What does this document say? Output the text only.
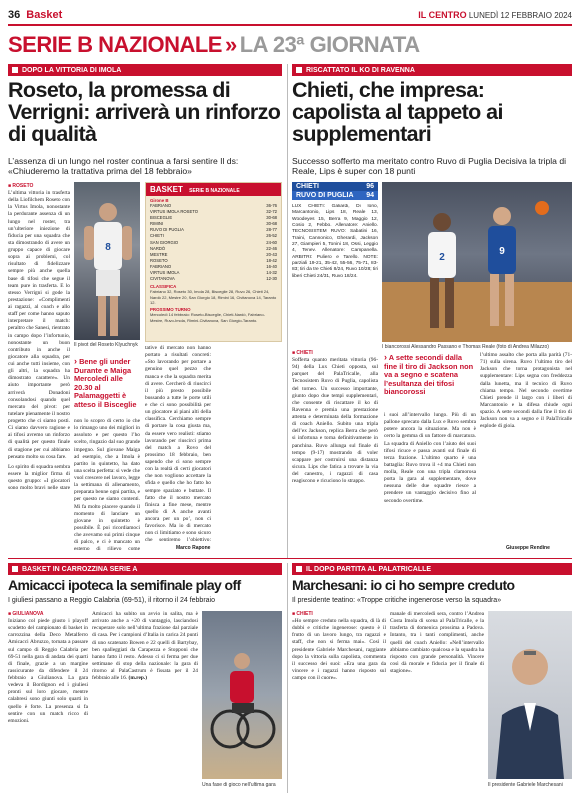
36 Basket	IL CENTRO LUNEDÌ 12 FEBBRAIO 2024
SERIE B NAZIONALE » LA 23ª GIORNATA
DOPO LA VITTORIA DI IMOLA
Roseto, la promessa di Verrigni: arriverà un rinforzo di qualità
L’assenza di un lungo nel roster continua a farsi sentire Il ds: «Chiuderemo la trattativa prima del 18 febbraio»
■ ROSETO

L’ultima vittoria in trasferta della Liofilchem Roseto con la Virtus Imola, nonostante la perdurante assenza di un lungo nel roster, tra un’ulteriore iniezione di fiducia per una squadra che sta dimostrando di avere un gruppo capace di giocare sopra ai problemi, col risultato di fidelizzare sempre più anche quella base di tifosi che segue il team pure in trasferta. E lo stesso Verrigni si gode la prestazione: «Complimenti ai ragazzi, al coach e allo staff per come hanno saputo interpretare il match: peraltro che Sanesi, rientrato in campo dopo l’infortunio, nonostante un buon contributo in anche il giocatore alla squadra, per cui anche tutti insieme, con gli altri, la squadra ha dimostrato carattere». Un aiuto importante però arriverà Donadoni consolandosi quando quel mercato del pivot: per tutelare pienamente il nostro progetto che ci siamo posti. Ci siamo davvero ragione e ai tifosi avremo un rinforzo di qualità per questo finale di stagione per cui abbiamo pensato molto su cosa fare.

Lo spirito di squadra sembra essere la miglior firma di questo gruppo: «I giocatori sono molto bravi nelle stare

8
Il pivot del Roseto Klyuchnyk
› Bene gli under Durante e Maiga Mercoledì alle 20.30 al Palamaggetti è atteso il Bisceglie
non lo scopro di certo io che lo rimango uno dei migliori in assoluto e per questo l’ho scelto, ringazio dal suo grande impegno. Sul giovane Maiga ad esempio, che a Imola è partito in quintetto, ha dato una scelta perfetta: si vede che vuol crescere nel lavoro, legge la settimana di allenamento, preparata benne ogni partita, e per questo ne siamo contenti. Mi fa molto piacere quando il momento di lanciare un giovane in quintetto è possibile. È poi ricordiamoci che avevamo sui primi cinque di palco, e ci è mancato un esterno di rilievo come
tative di mercato non hanno portato a risultati concreti: «Sto lavorando per portare a genuino quel pezzo che manca e che la squadra merita di avere. Cercherò di riuscirci il più presto possibile bussando a tutte le porte utili e che ci sono possibilità per un giocatore ai piani alti della classifica. Cerchiamo sempre di portare la cosa giusta ma, da essere vero realisti: stiamo lavorando per riuscirci prima del match a Rovo del prossimo 18 febbraio, ben sapendo che ci sono sempre con la realtà di certi giocatori che non vogliono accettare la sfida e quello che ho fatto ho sempre spaziato e buttate. Il fatto che il nostro mercato finisca a fine mese, mentre quello di A anche avanti ancora per un po’, non ci favorisce. Ma io di mercato non ci limitiamo e sono sicuro che sentiremo l’obiettivo:
Marco Rapone
BASKET SERIE B NAZIONALE
Girone B
FABRIANO	36-76
VIRTUS IMOLA ROSETO	32-72
BISCEGLIE	30-68
RIMINI	30-68
RUVO DI PUGLIA	28-77
CHIETI	26-52
SAN GIORGIO	24-60
NARDÒ	22-46
MESTRE	20-43
ROSETO	18-42
FABRIANO	16-40
VIRTUS IMOLA	14-32
CIVITANOVA	12-30
CLASSIFICA
Fabriano 32, Roseto 30, Imola 28, Bisceglie 28, Ruvo 26, Chieti 24, Nardò 22, Mestre 20, San Giorgio 18, Rimini 16, Civitanova 14, Taranto 12.
PROSSIMO TURNO
Mercoledì 14 febbraio: Roseto-Bisceglie, Chieti-Nardò, Fabriano-Mestre, Ruvo-Imola, Rimini-Civitanova, San Giorgio-Taranto.
RISCATTATO IL KO DI RAVENNA
Chieti, che impresa: capolista al tappeto ai supplementari
Successo sofferto ma meritato contro Ruvo di Puglia Decisiva la tripla di Reale, Lips è super con 18 punti
CHIETI	96
RUVO DI PUGLIA 94
LUX CHIETI: Galiardi, Di Iorio, Marcantonio, Lips 18, Reale 13, Woodeyes 15, Berra 9, Maggio 12, Cosio 2, Febbo. Allenatore: Aniello. TECNOSISTEM RUVO: Sabatini 16, Traini, Cannonico, Gherardi, Jackson 27, Giampieri 5, Tonini 18, Ossi, Leggio 4, Tenev. Allenatore: Campanella. ARBITRI: Puliero e Tarello. NOTE: parziali 19-21, 35-42, 55-56, 75-71, 83-83; tiri da tre Chieti 8/24, Ruvo 10/28; tiri liberi Chieti 24/31, Ruvo 18/24.
2
9
I biancorossi Alessandro Passano e Thomas Reale (foto di Andrea Milazzo)
■ CHIETI
Sofferta quanto meritata vittoria (96-94) della Lux Chieti opposta, sul parquet del PalaTricalle, alla Tecnosistem Ruvo di Puglia, capolista del torneo. Un successo importante, giunto dopo due tempi supplementari, che consente di riscattare il ko di Ravenna e premia una prestazione attenta e determinata della formazione di coach Aniello. Subito una tripla dell’ex Jackson, replica Berra che però si infortuna e torna definitivamente in panchina. Ruvo allunga sul finale di tempo (9-17) mostrando di voler scappare per costruirsi una distanza sicura. Lips che fatica a trovare la via del canestro, i ragazzi di casa reagiscono e ricuciono lo strappo.
› A sette secondi dalla fine il tiro di Jackson non va a segno e scatena l’esultanza dei tifosi biancorossi
i suoi all’intervallo lungo. Più di un pallone sprecato dalla Lux e Ruvo sembra potere ancora la situazione. Ma non è certo la gemma di un fattore di marcatura. La squadra di Aniello con l’aiuto dei suoi tifosi ricuce e passa avanti sul finale di terza frazione. L’ultimo quarto è una battaglia: Ruvo trova il +4 ma Chieti non molla, Reale con una tripla clamorosa porta la gara al supplementare, dove nessuna delle due squadre riesce a prendere un vantaggio decisivo fino al secondo overtime.
l’ultimo assalto che porta alla parità (71-71) sulla sirena. Ruvo l’ultimo tiro del Jackson che torna protagonista nel supplementare: Lips segna con freddezza dalla lunetta, ma il tecnico di Ruvo chiama tempo. Nel secondo overtime Chieti prende il largo con i liberi di Marcantonio e la difesa chiude ogni spazio. A sette secondi dalla fine il tiro di Jackson non va a segno e il PalaTricalle esplode di gioia.
Giuseppe Rendine
BASKET IN CARROZZINA SERIE A
Amicacci ipoteca la semifinale play off
I giuliesi passano a Reggio Calabria (69-51), il ritorno il 24 febbraio
■ GIULIANOVA
Iniziano col piede giusto i playoff scudetto del campionato di basket in carrozzina della Deco Metalferro Amicacci Abruzzo, tornata a passare sul campo di Reggio Calabria per 69-51 nella gara di andata dei quarti di finale, grazie a un margine rassicurante da difendere il 24 febbraio a Giulianova. La gara vedeva il Bordignon ed i giuliesi pronti sul loro giocare, mentre calabresi sono giunti solo quarti in quello è forte. La presenza si fa sentire con un match ricco di emozioni.
Amicacci ha subito un avvio in salita, ma è arrivato anche a +20 di vantaggio, lasciandosi recuperare solo nell’ultima frazione dal parziale di casa. Per i campioni d’Italia in carica 24 punti di uno scatenato Bowen e 22 quelli di Bartybay, ben spalleggiati da Carapezza e Stopponi che hanno fatto il resto. Adesso ci si ferma per due settimane di stop della nazionale: la gara di ritorno al PalaCastrum è fissata per il 24 febbraio alle 16. (m.rep.)
Una fase di gioco nell’ultima gara
IL DOPO PARTITA AL PALATRICALLE
Marchesani: io ci ho sempre creduto
Il presidente teatino: «Troppe critiche ingenerose verso la squadra»
■ CHIETI
«Ho sempre creduto nella squadra, di là di dubbi e critiche ingenerose: questo è il frutto di un lavoro lungo, tra ragazzi e staff, che non si ferma mai». Così il presidente Gabriele Marchesani, raggiante dopo la vittoria sulla capolista, commenta il successo dei suoi: «Era una gara da vincere e i ragazzi hanno risposto sul campo con il cuore».
manale di mercoledì sera, contro l’Andrea Costa Imola di scena al PalaTricalle, e la trasferta di domenica prossima a Padova. Intanto, tra i tanti complimenti, anche quelli del coach Aniello: «Nell’intervallo abbiamo cambiato qualcosa e la squadra ha risposto con grande personalità. Vincere così dà morale e fiducia per il finale di stagione».
Il presidente Gabriele Marchesani
